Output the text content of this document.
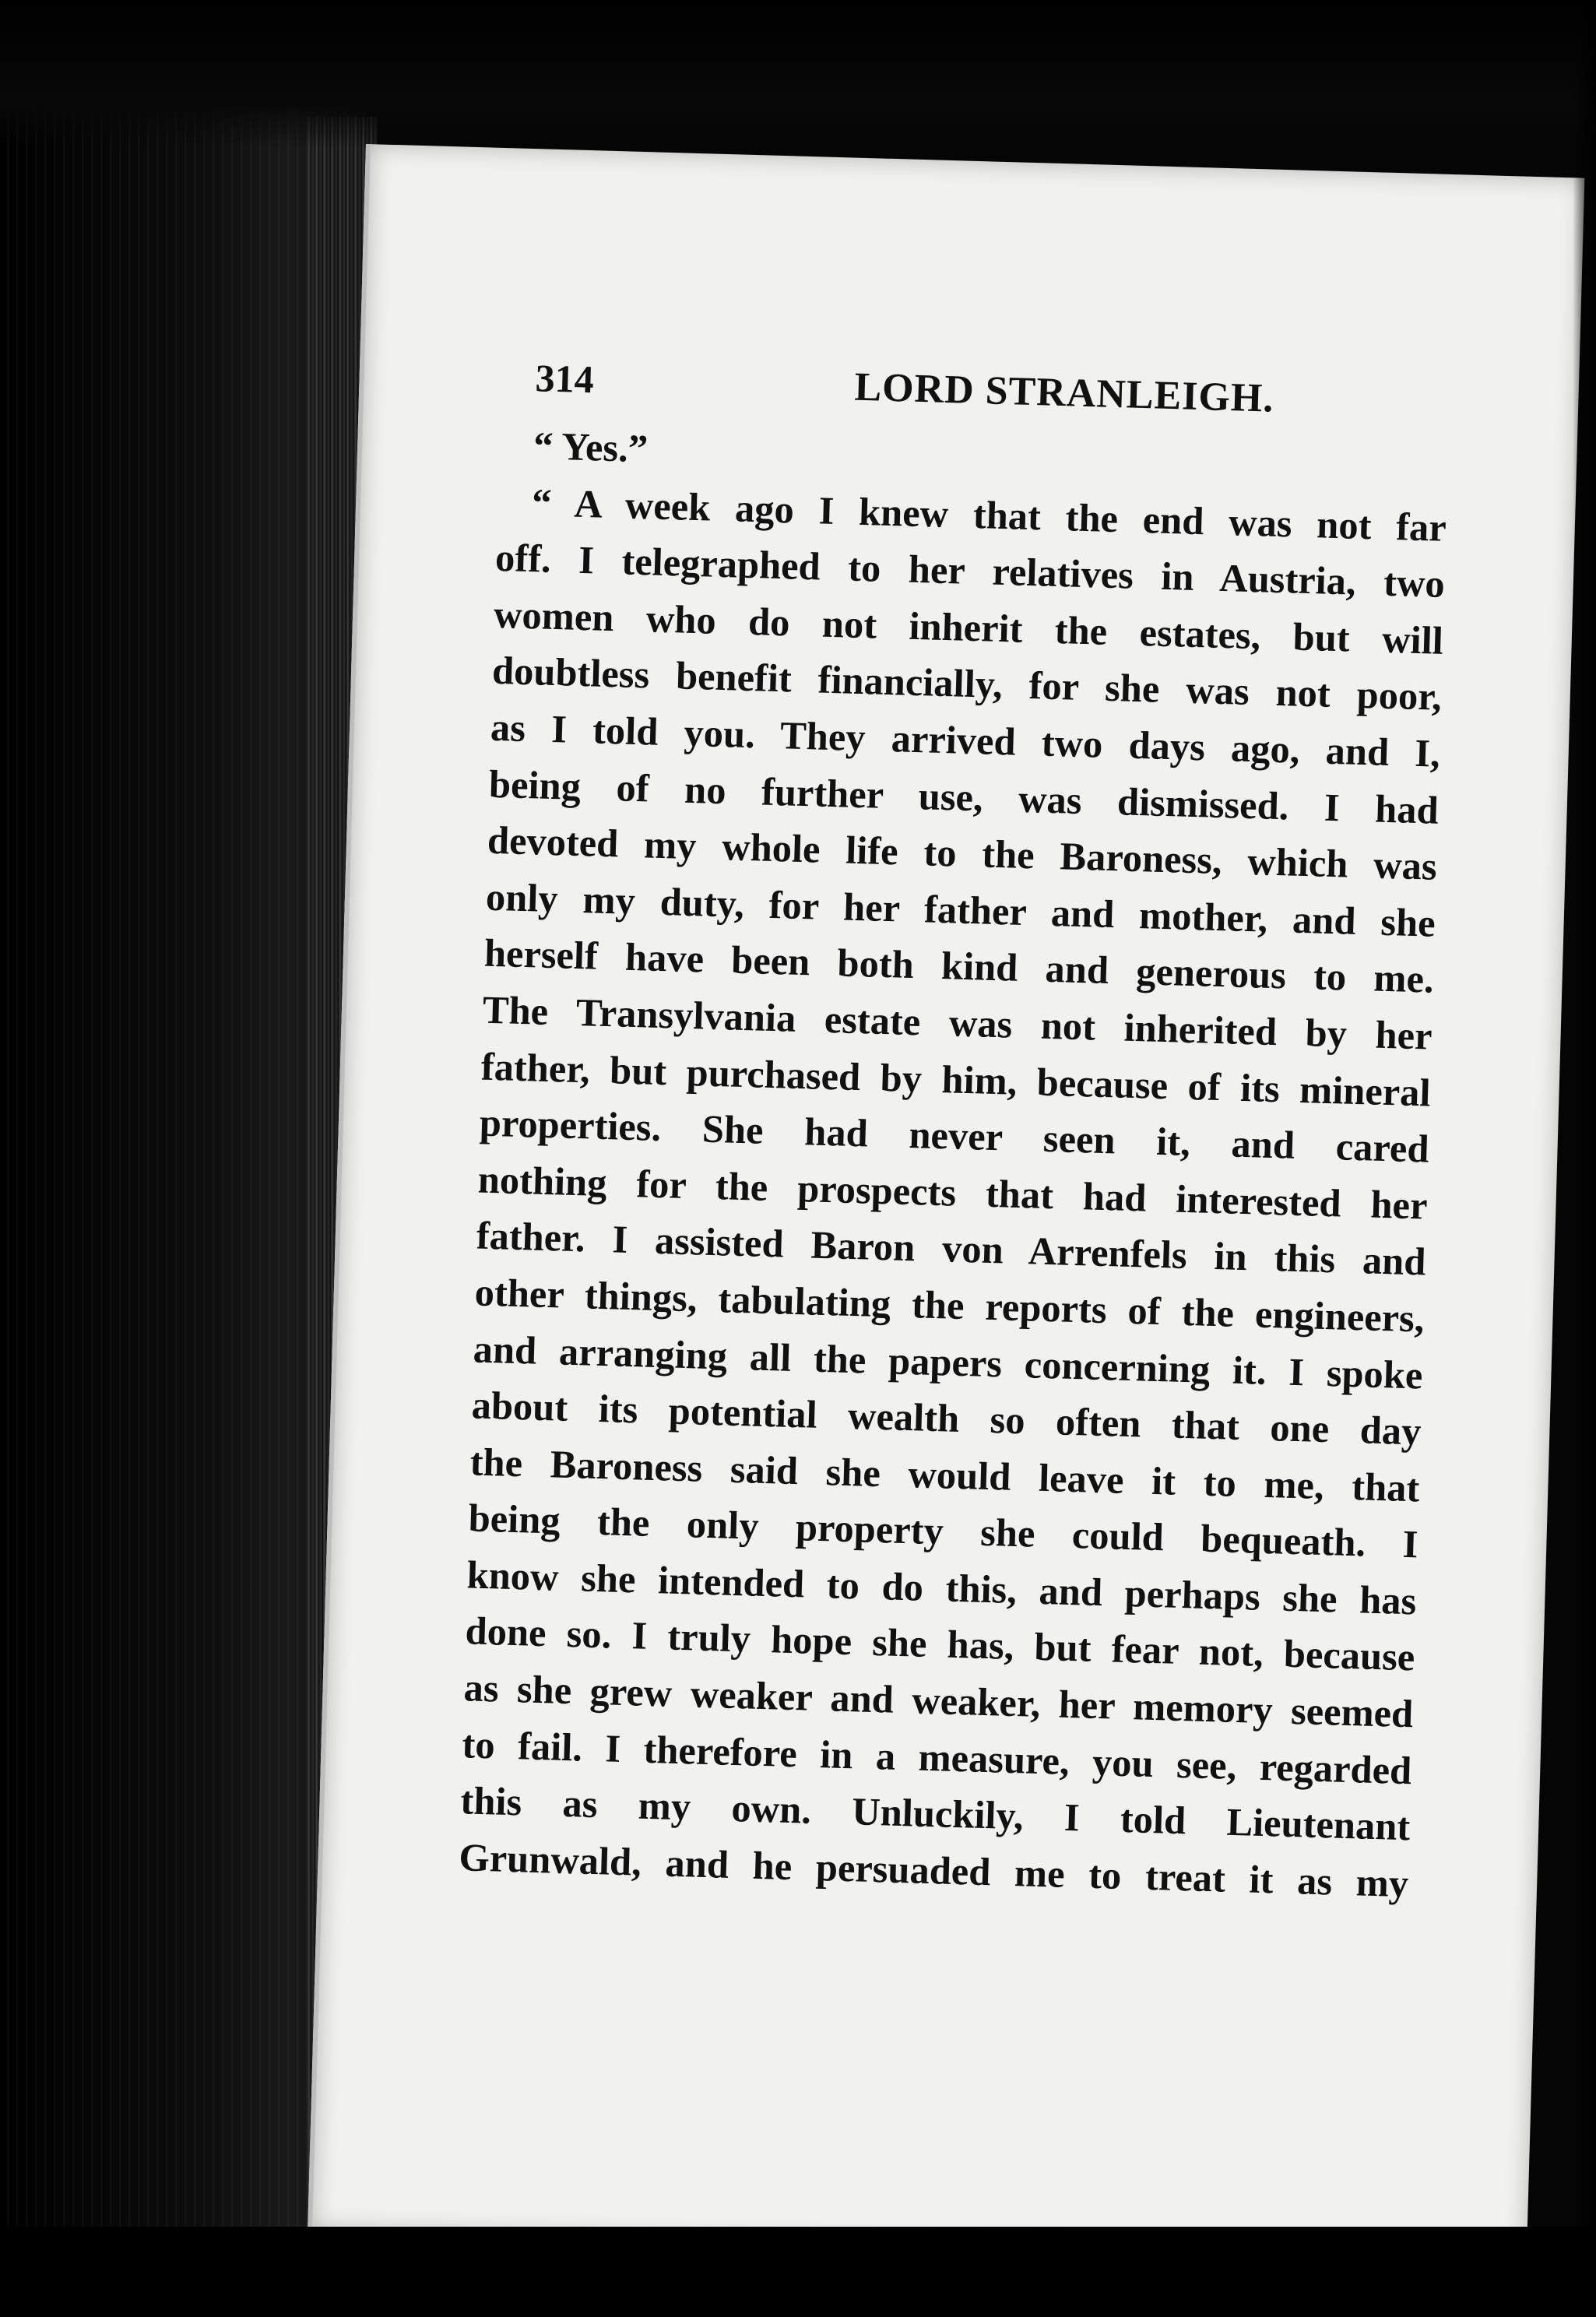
314	LORD STRANLEIGH.
“ Yes.”
“ A week ago I knew that the end was not far
off. I telegraphed to her relatives in Austria, two
women who do not inherit the estates, but will
doubtless benefit financially, for she was not poor,
as I told you. They arrived two days ago, and I,
being of no further use, was dismissed. I had
devoted my whole life to the Baroness, which was
only my duty, for her father and mother, and she
herself have been both kind and generous to me.
The Transylvania estate was not inherited by her
father, but purchased by him, because of its mineral
properties. She had never seen it, and cared
nothing for the prospects that had interested her
father. I assisted Baron von Arrenfels in this and
other things, tabulating the reports of the engineers,
and arranging all the papers concerning it. I spoke
about its potential wealth so often that one day
the Baroness said she would leave it to me, that
being the only property she could bequeath. I
know she intended to do this, and perhaps she has
done so. I truly hope she has, but fear not, because
as she grew weaker and weaker, her memory seemed
to fail. I therefore in a measure, you see, regarded
this as my own. Unluckily, I told Lieutenant
Grunwald, and he persuaded me to treat it as my
